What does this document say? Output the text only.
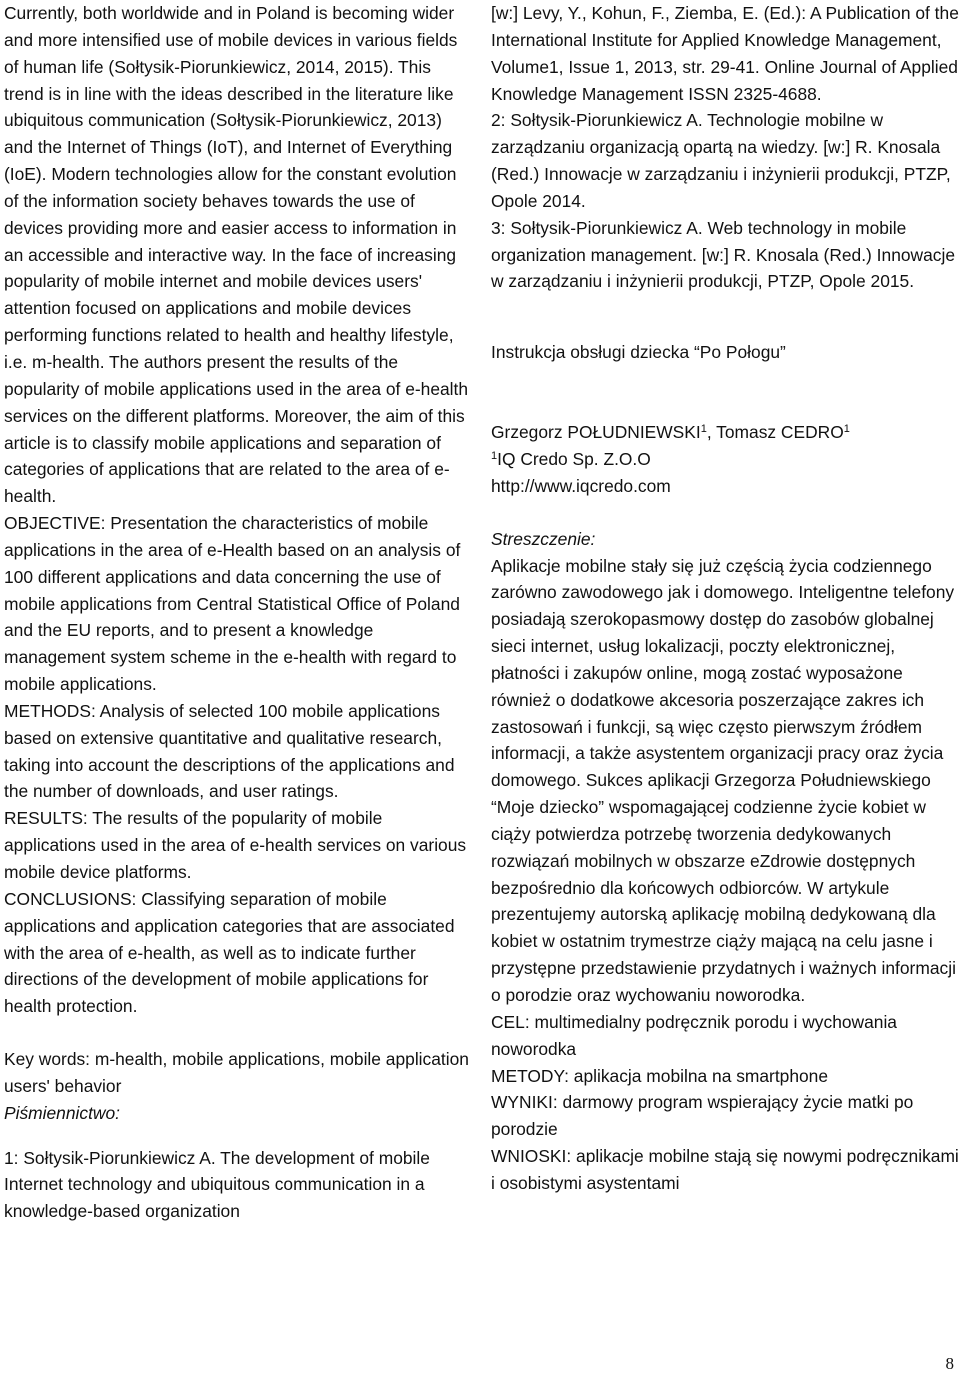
Currently, both worldwide and in Poland is becoming wider and more intensified use of mobile devices in various fields of human life (Sołtysik-Piorunkiewicz, 2014, 2015). This trend is in line with the ideas described in the literature like ubiquitous communication (Sołtysik-Piorunkiewicz, 2013) and the Internet of Things (IoT), and Internet of Everything (IoE). Modern technologies allow for the constant evolution of the information society behaves towards the use of devices providing more and easier access to information in an accessible and interactive way. In the face of increasing popularity of mobile internet and mobile devices users' attention focused on applications and mobile devices performing functions related to health and healthy lifestyle, i.e. m-health. The authors present the results of the popularity of mobile applications used in the area of e-health services on the different platforms. Moreover, the aim of this article is to classify mobile applications and separation of categories of applications that are related to the area of e-health.

OBJECTIVE: Presentation the characteristics of mobile applications in the area of e-Health based on an analysis of 100 different applications and data concerning the use of mobile applications from Central Statistical Office of Poland and the EU reports, and to present a knowledge management system scheme in the e-health with regard to mobile applications.

METHODS: Analysis of selected 100 mobile applications based on extensive quantitative and qualitative research, taking into account the descriptions of the applications and the number of downloads, and user ratings.

RESULTS: The results of the popularity of mobile applications used in the area of e-health services on various mobile device platforms.

CONCLUSIONS: Classifying separation of mobile applications and application categories that are associated with the area of e-health, as well as to indicate further directions of the development of mobile applications for health protection.

Key words: m-health, mobile applications, mobile application users' behavior

Piśmiennictwo:

1: Sołtysik-Piorunkiewicz A. The development of mobile Internet technology and ubiquitous communication in a knowledge-based organization

[w:] Levy, Y., Kohun, F., Ziemba, E. (Ed.): A Publication of the International Institute for Applied Knowledge Management, Volume1, Issue 1, 2013, str. 29-41. Online Journal of Applied Knowledge Management ISSN 2325-4688.

2: Sołtysik-Piorunkiewicz A. Technologie mobilne w zarządzaniu organizacją opartą na wiedzy. [w:] R. Knosala (Red.) Innowacje w zarządzaniu i inżynierii produkcji, PTZP, Opole 2014.

3: Sołtysik-Piorunkiewicz A. Web technology in mobile organization management. [w:] R. Knosala (Red.) Innowacje w zarządzaniu i inżynierii produkcji, PTZP, Opole 2015.

Instrukcja obsługi dziecka “Po Połogu”

Grzegorz POŁUDNIEWSKI$^1$, Tomasz CEDRO$^1$

$^1$IQ Credo Sp. Z.O.O

http://www.iqcredo.com

Streszczenie:

Aplikacje mobilne stały się już częścią życia codziennego zarówno zawodowego jak i domowego. Inteligentne telefony posiadają szerokopasmowy dostęp do zasobów globalnej sieci internet, usług lokalizacji, poczty elektronicznej, płatności i zakupów online, mogą zostać wyposażone również o dodatkowe akcesoria poszerzające zakres ich zastosowań i funkcji, są więc często pierwszym źródłem informacji, a także asystentem organizacji pracy oraz życia domowego. Sukces aplikacji Grzegorza Południewskiego “Moje dziecko” wspomagającej codzienne życie kobiet w ciąży potwierdza potrzebę tworzenia dedykowanych rozwiązań mobilnych w obszarze eZdrowie dostępnych bezpośrednio dla końcowych odbiorców. W artykule prezentujemy autorską aplikację mobilną dedykowaną dla kobiet w ostatnim trymestrze ciąży mającą na celu jasne i przystępne przedstawienie przydatnych i ważnych informacji o porodzie oraz wychowaniu noworodka.

CEL: multimedialny podręcznik porodu i wychowania noworodka

METODY: aplikacja mobilna na smartphone

WYNIKI: darmowy program wspierający życie matki po porodzie

WNIOSKI: aplikacje mobilne stają się nowymi podręcznikami i osobistymi asystentami

8
